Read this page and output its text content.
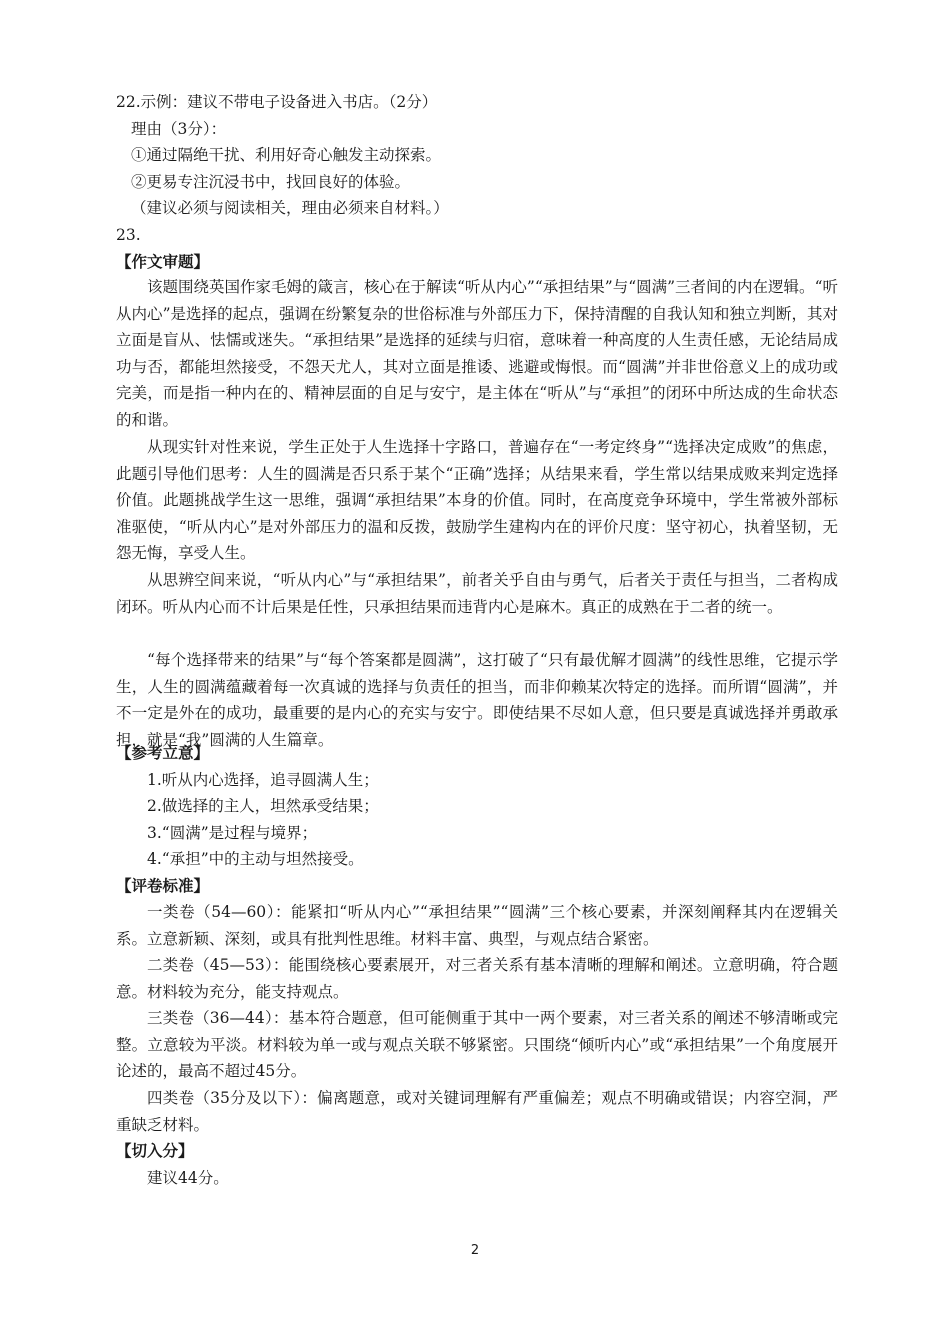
22.示例：建议不带电子设备进入书店。（2分）
理由（3分）：
①通过隔绝干扰、利用好奇心触发主动探索。
②更易专注沉浸书中，找回良好的体验。
（建议必须与阅读相关，理由必须来自材料。）
23.
【作文审题】
该题围绕英国作家毛姆的箴言，核心在于解读“听从内心”“承担结果”与“圆满”三者间的内在逻辑。“听从内心”是选择的起点，强调在纷繁复杂的世俗标准与外部压力下，保持清醒的自我认知和独立判断，其对立面是盲从、怯懦或迷失。“承担结果”是选择的延续与归宿，意味着一种高度的人生责任感，无论结局成功与否，都能坦然接受，不怨天尤人，其对立面是推诿、逃避或悔恨。而“圆满”并非世俗意义上的成功或完美，而是指一种内在的、精神层面的自足与安宁，是主体在“听从”与“承担”的闭环中所达成的生命状态的和谐。
从现实针对性来说，学生正处于人生选择十字路口，普遍存在“一考定终身”“选择决定成败”的焦虑，此题引导他们思考：人生的圆满是否只系于某个“正确”选择；从结果来看，学生常以结果成败来判定选择价值。此题挑战学生这一思维，强调“承担结果”本身的价值。同时，在高度竞争环境中，学生常被外部标准驱使，“听从内心”是对外部压力的温和反拨，鼓励学生建构内在的评价尺度：坚守初心，执着坚韧，无怨无悔，享受人生。
从思辨空间来说，“听从内心”与“承担结果”，前者关乎自由与勇气，后者关于责任与担当，二者构成闭环。听从内心而不计后果是任性，只承担结果而违背内心是麻木。真正的成熟在于二者的统一。
“每个选择带来的结果”与“每个答案都是圆满”，这打破了“只有最优解才圆满”的线性思维，它提示学生，人生的圆满蕴藏着每一次真诚的选择与负责任的担当，而非仰赖某次特定的选择。而所谓“圆满”，并不一定是外在的成功，最重要的是内心的充实与安宁。即使结果不尽如人意，但只要是真诚选择并勇敢承担，就是“我”圆满的人生篇章。
【参考立意】
1.听从内心选择，追寻圆满人生；
2.做选择的主人，坦然承受结果；
3.“圆满”是过程与境界；
4.“承担”中的主动与坦然接受。
【评卷标准】
一类卷（54—60）：能紧扣“听从内心”“承担结果”“圆满”三个核心要素，并深刻阐释其内在逻辑关系。立意新颖、深刻，或具有批判性思维。材料丰富、典型，与观点结合紧密。
二类卷（45—53）：能围绕核心要素展开，对三者关系有基本清晰的理解和阐述。立意明确，符合题意。材料较为充分，能支持观点。
三类卷（36—44）：基本符合题意，但可能侧重于其中一两个要素，对三者关系的阐述不够清晰或完整。立意较为平淡。材料较为单一或与观点关联不够紧密。只围绕“倾听内心”或“承担结果”一个角度展开论述的，最高不超过45分。
四类卷（35分及以下）：偏离题意，或对关键词理解有严重偏差；观点不明确或错误；内容空洞，严重缺乏材料。
【切入分】
建议44分。
2
